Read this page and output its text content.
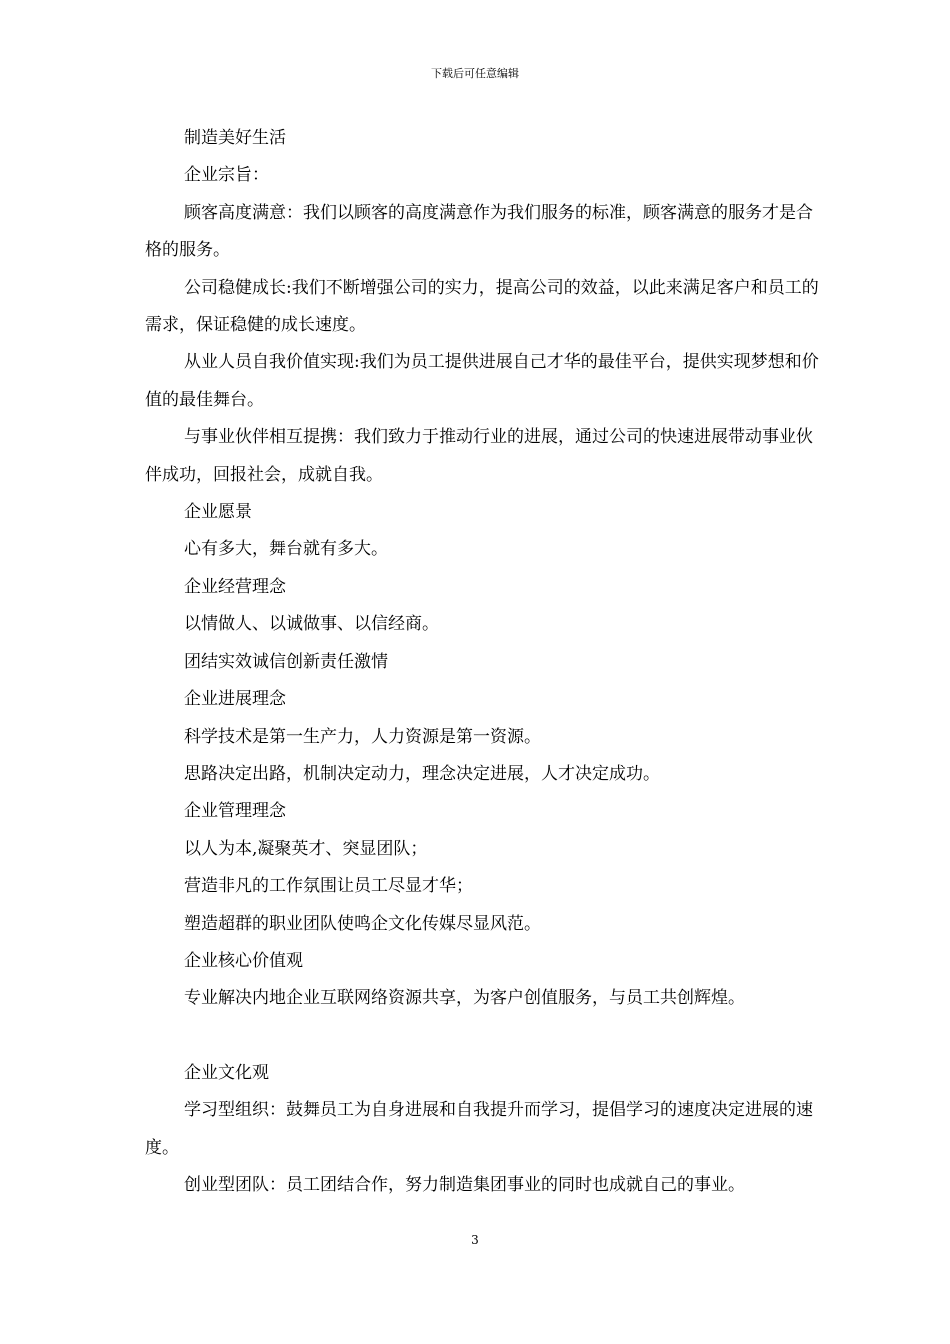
下载后可任意编辑

制造美好生活

企业宗旨：

顾客高度满意：我们以顾客的高度满意作为我们服务的标准，顾客满意的服务才是合格的服务。

公司稳健成长:我们不断增强公司的实力，提高公司的效益，以此来满足客户和员工的需求，保证稳健的成长速度。

从业人员自我价值实现:我们为员工提供进展自己才华的最佳平台，提供实现梦想和价值的最佳舞台。

与事业伙伴相互提携：我们致力于推动行业的进展，通过公司的快速进展带动事业伙伴成功，回报社会，成就自我。

企业愿景

心有多大，舞台就有多大。

企业经营理念

以情做人、以诚做事、以信经商。

团结实效诚信创新责任激情

企业进展理念

科学技术是第一生产力，人力资源是第一资源。

思路决定出路，机制决定动力，理念决定进展，人才决定成功。

企业管理理念

以人为本,凝聚英才、突显团队；

营造非凡的工作氛围让员工尽显才华；

塑造超群的职业团队使鸣企文化传媒尽显风范。

企业核心价值观

专业解决内地企业互联网络资源共享，为客户创值服务，与员工共创辉煌。

企业文化观

学习型组织：鼓舞员工为自身进展和自我提升而学习，提倡学习的速度决定进展的速度。

创业型团队：员工团结合作，努力制造集团事业的同时也成就自己的事业。

3
